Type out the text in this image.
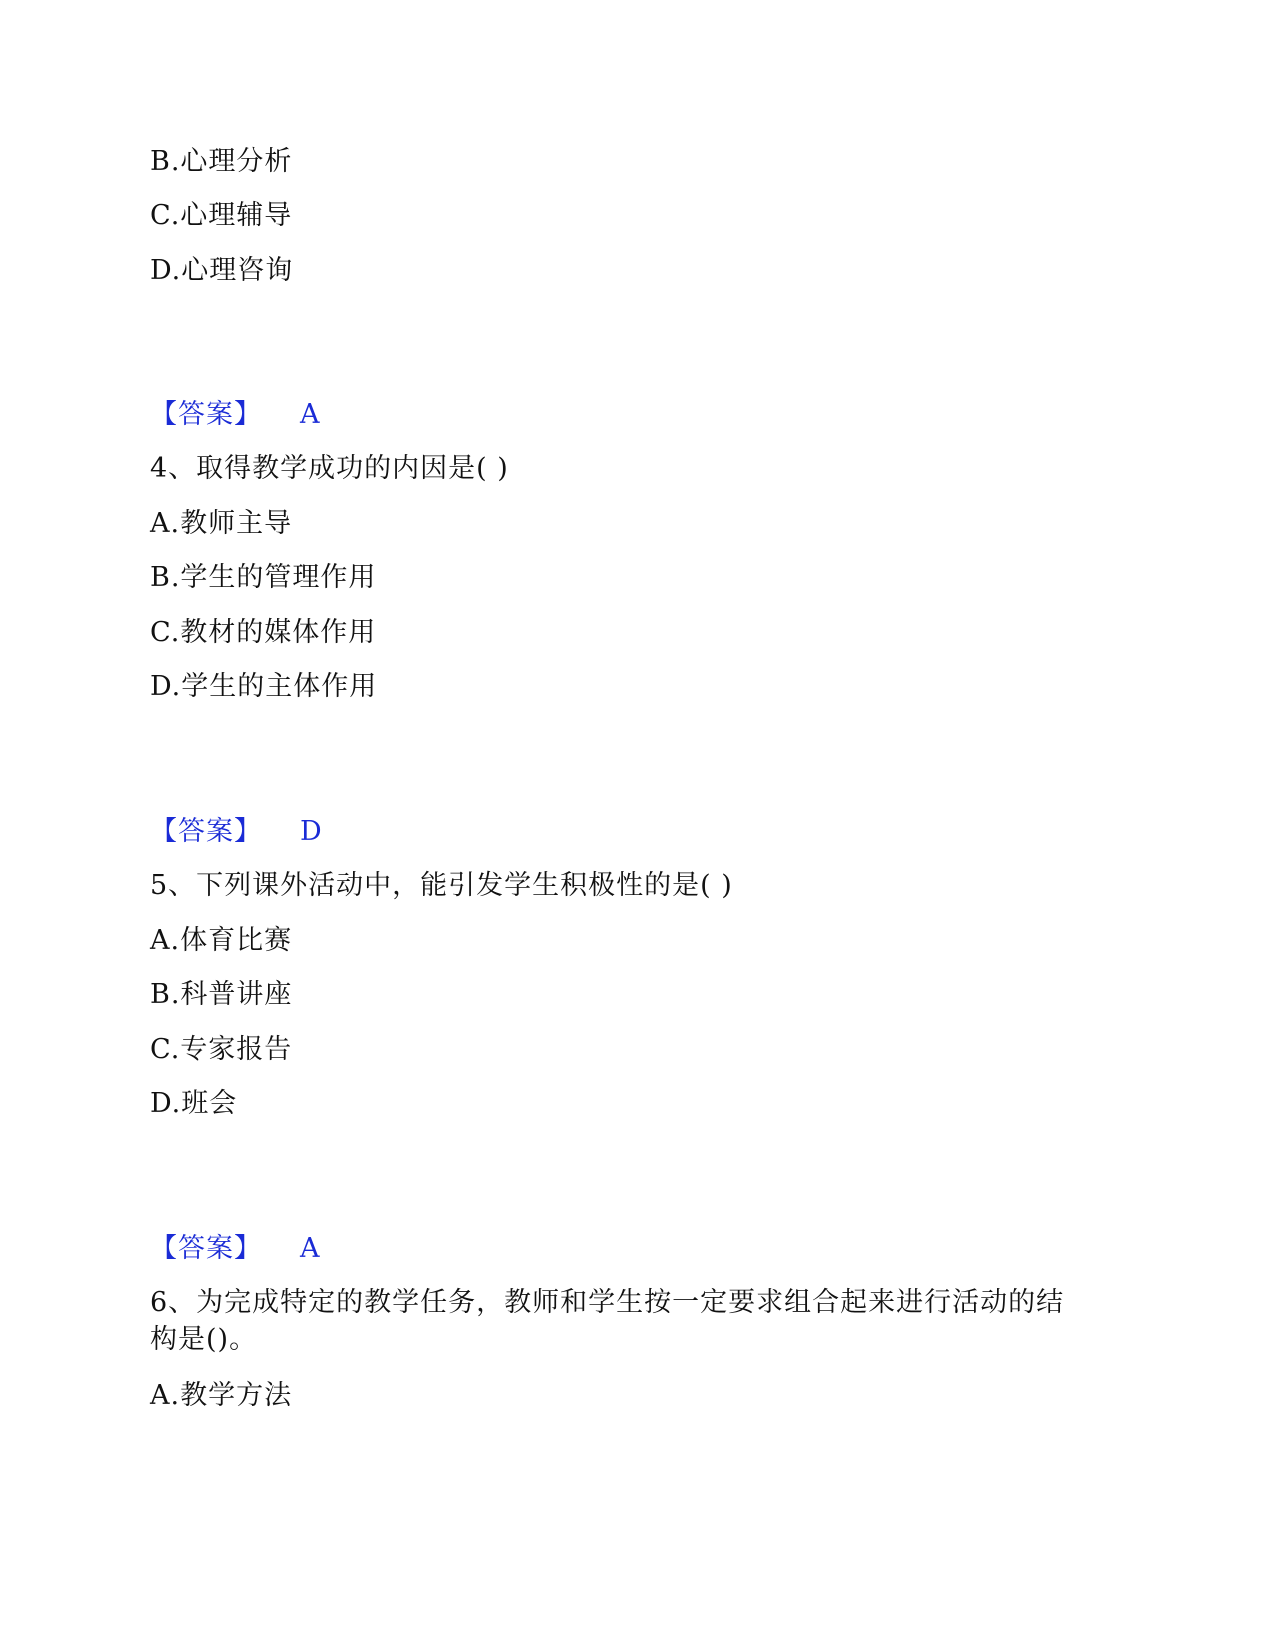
B.心理分析
C.心理辅导
D.心理咨询
【答案】 A
4、取得教学成功的内因是( )
A.教师主导
B.学生的管理作用
C.教材的媒体作用
D.学生的主体作用
【答案】 D
5、下列课外活动中，能引发学生积极性的是( )
A.体育比赛
B.科普讲座
C.专家报告
D.班会
【答案】 A
6、为完成特定的教学任务，教师和学生按一定要求组合起来进行活动的结
构是()。
A.教学方法
